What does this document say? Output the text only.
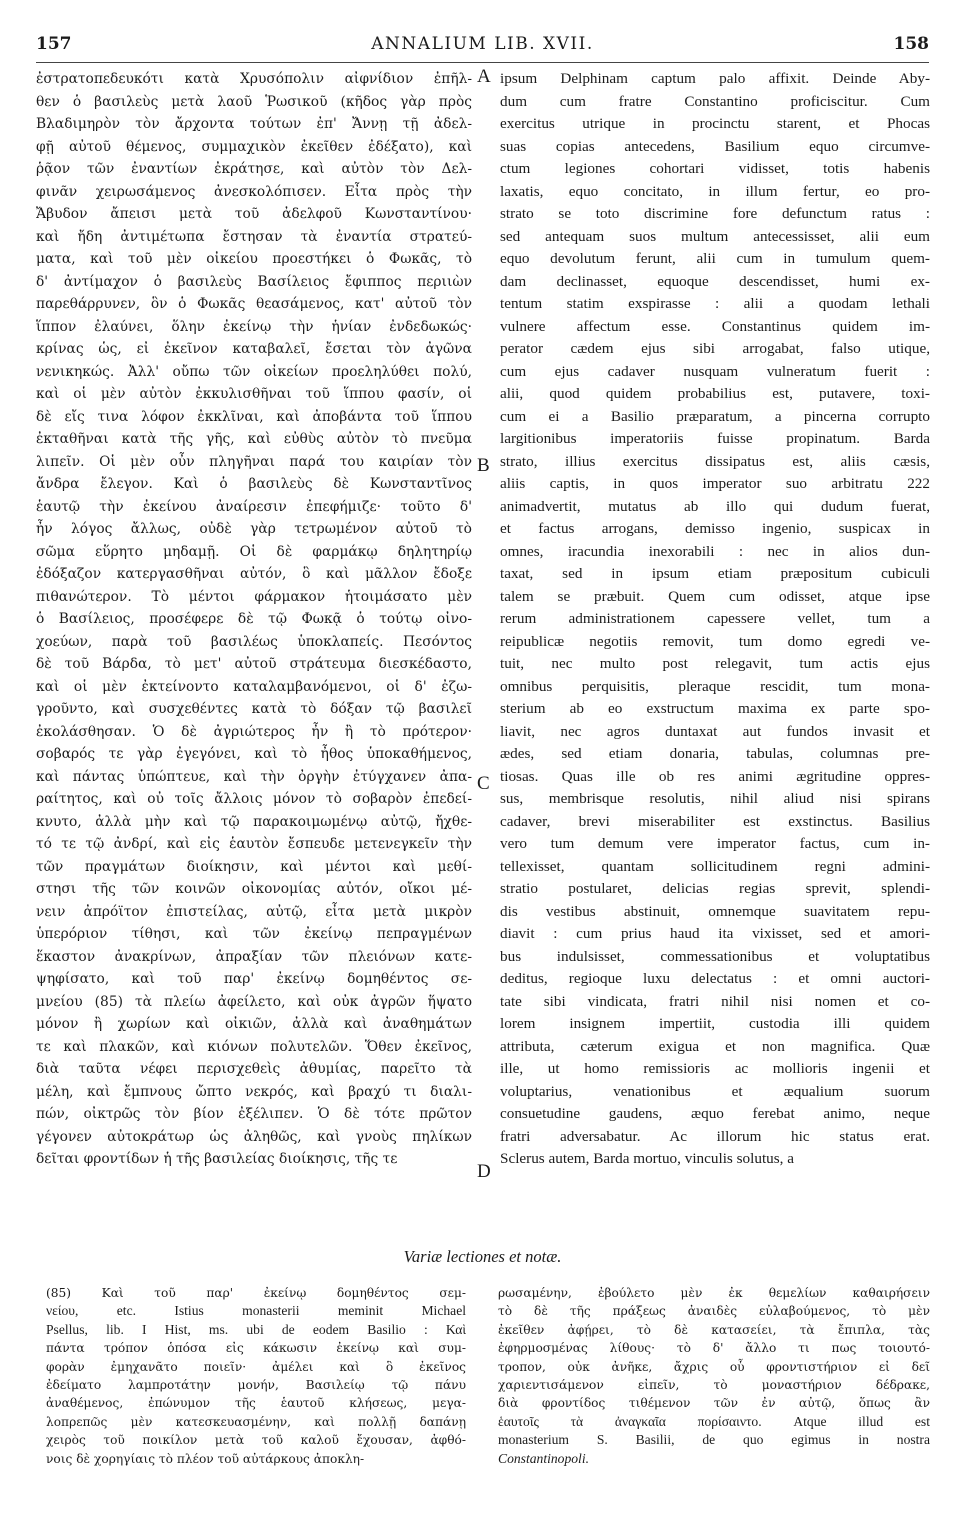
157	ANNALIUM LIB. XVII.	158
ἐστρατοπεδευκότι κατὰ Χρυσόπολιν αἰφνίδιον ἐπῆλ-
θεν ὁ βασιλεὺς μετὰ λαοῦ Ῥωσικοῦ (κῆδος γὰρ πρὸς
Βλαδιμηρὸν τὸν ἄρχοντα τούτων ἐπ' Ἄννῃ τῇ ἀδελ-
φῇ αὐτοῦ θέμενος, συμμαχικὸν ἐκεῖθεν ἐδέξατο), καὶ
ῥᾷον τῶν ἐναντίων ἐκράτησε, καὶ αὐτὸν τὸν Δελ-
φινᾶν χειρωσάμενος ἀνεσκολόπισεν. Εἶτα πρὸς τὴν
Ἄβυδον ἄπεισι μετὰ τοῦ ἀδελφοῦ Κωνσταντίνου·
καὶ ἤδη ἀντιμέτωπα ἔστησαν τὰ ἐναντία στρατεύ-
ματα, καὶ τοῦ μὲν οἰκείου προεστήκει ὁ Φωκᾶς, τὸ
δ' ἀντίμαχον ὁ βασιλεὺς Βασίλειος ἔφιππος περιιὼν
παρεθάρρυνεν, ὃν ὁ Φωκᾶς θεασάμενος, κατ' αὐτοῦ τὸν
ἵππον ἐλαύνει, ὅλην ἐκείνῳ τὴν ἡνίαν ἐνδεδωκώς·
κρίνας ὡς, εἰ ἐκεῖνον καταβαλεῖ, ἔσεται τὸν ἀγῶνα
νενικηκώς. Ἀλλ' οὔπω τῶν οἰκείων προεληλύθει πολύ,
καὶ οἱ μὲν αὐτὸν ἐκκυλισθῆναι τοῦ ἵππου φασίν, οἱ
δὲ εἴς τινα λόφον ἐκκλῖναι, καὶ ἀποβάντα τοῦ ἵππου
ἐκταθῆναι κατὰ τῆς γῆς, καὶ εὐθὺς αὐτὸν τὸ πνεῦμα
λιπεῖν. Οἱ μὲν οὖν πληγῆναι παρά του καιρίαν τὸν
ἄνδρα ἔλεγον. Καὶ ὁ βασιλεὺς δὲ Κωνσταντῖνος
ἑαυτῷ τὴν ἐκείνου ἀναίρεσιν ἐπεφήμιζε· τοῦτο δ'
ἦν λόγος ἄλλως, οὐδὲ γὰρ τετρωμένον αὐτοῦ τὸ
σῶμα εὕρητο μηδαμῇ. Οἱ δὲ φαρμάκῳ δηλητηρίῳ
ἐδόξαζον κατεργασθῆναι αὐτόν, ὃ καὶ μᾶλλον ἔδοξε
πιθανώτερον. Τὸ μέντοι φάρμακον ἡτοιμάσατο μὲν
ὁ Βασίλειος, προσέφερε δὲ τῷ Φωκᾷ ὁ τούτῳ οἰνο-
χοεύων, παρὰ τοῦ βασιλέως ὑποκλαπείς. Πεσόντος
δὲ τοῦ Βάρδα, τὸ μετ' αὐτοῦ στράτευμα διεσκέδαστο,
καὶ οἱ μὲν ἐκτείνοντο καταλαμβανόμενοι, οἱ δ' ἐζω-
γροῦντο, καὶ συσχεθέντες κατὰ τὸ δόξαν τῷ βασιλεῖ
ἐκολάσθησαν. Ὁ δὲ ἀγριώτερος ἦν ἢ τὸ πρότερον·
σοβαρός τε γὰρ ἐγεγόνει, καὶ τὸ ἦθος ὑποκαθήμενος,
καὶ πάντας ὑπώπτευε, καὶ τὴν ὀργὴν ἐτύγχανεν ἀπα-
ραίτητος, καὶ οὐ τοῖς ἄλλοις μόνον τὸ σοβαρὸν ἐπεδεί-
κνυτο, ἀλλὰ μὴν καὶ τῷ παρακοιμωμένῳ αὐτῷ, ἤχθε-
τό τε τῷ ἀνδρί, καὶ εἰς ἑαυτὸν ἔσπευδε μετενεγκεῖν τὴν
τῶν πραγμάτων διοίκησιν, καὶ μέντοι καὶ μεθί-
στησι τῆς τῶν κοινῶν οἰκονομίας αὐτόν, οἴκοι μέ-
νειν ἀπρόϊτον ἐπιστείλας, αὐτῷ, εἶτα μετὰ μικρὸν
ὑπερόριον τίθησι, καὶ τῶν ἐκείνῳ πεπραγμένων
ἕκαστον ἀνακρίνων, ἀπραξίαν τῶν πλειόνων κατε-
ψηφίσατο, καὶ τοῦ παρ' ἐκείνῳ δομηθέντος σε-
μνείου (85) τὰ πλείω ἀφείλετο, καὶ οὐκ ἀγρῶν ἥψατο
μόνον ἢ χωρίων καὶ οἰκιῶν, ἀλλὰ καὶ ἀναθημάτων
τε καὶ πλακῶν, καὶ κιόνων πολυτελῶν. Ὅθεν ἐκεῖνος,
διὰ ταῦτα νέφει περισχεθεὶς ἀθυμίας, παρεῖτο τὰ
μέλη, καὶ ἔμπνους ὤπτο νεκρός, καὶ βραχύ τι διαλι-
πών, οἰκτρῶς τὸν βίον ἐξέλιπεν. Ὁ δὲ τότε πρῶτον
γέγονεν αὐτοκράτωρ ὡς ἀληθῶς, καὶ γνοὺς πηλίκων
δεῖται φροντίδων ἡ τῆς βασιλείας διοίκησις, τῆς τε
ipsum Delphinam captum palo affixit. Deinde Aby-
dum cum fratre Constantino proficiscitur. Cum
exercitus utrique in procinctu starent, et Phocas
suas copias antecedens, Basilium equo circumve-
ctum legiones cohortari vidisset, totis habenis
laxatis, equo concitato, in illum fertur, eo pro-
strato se toto discrimine fore defunctum ratus :
sed antequam suos multum antecessisset, alii eum
equo devolutum ferunt, alii cum in tumulum quem-
dam declinasset, equoque descendisset, humi ex-
tentum statim exspirasse : alii a quodam lethali
vulnere affectum esse. Constantinus quidem im-
perator cædem ejus sibi arrogabat, falso utique,
cum ejus cadaver nusquam vulneratum fuerit :
alii, quod quidem probabilius est, putavere, toxi-
cum ei a Basilio præparatum, a pincerna corrupto
largitionibus imperatoriis fuisse propinatum. Barda
strato, illius exercitus dissipatus est, aliis cæsis,
aliis captis, in quos imperator suo arbitratu 222
animadvertit, mutatus ab illo qui dudum fuerat,
et factus arrogans, demisso ingenio, suspicax in
omnes, iracundia inexorabili : nec in alios dun-
taxat, sed in ipsum etiam præpositum cubiculi
talem se præbuit. Quem cum odisset, atque ipse
rerum administrationem capessere vellet, tum a
reipublicæ negotiis removit, tum domo egredi ve-
tuit, nec multo post relegavit, tum actis ejus
omnibus perquisitis, pleraque rescidit, tum mona-
sterium ab eo exstructum maxima ex parte spo-
liavit, nec agros duntaxat aut fundos invasit et
ædes, sed etiam donaria, tabulas, columnas pre-
tiosas. Quas ille ob res animi ægritudine oppres-
sus, membrisque resolutis, nihil aliud nisi spirans
cadaver, brevi miserabiliter est exstinctus. Basilius
vero tum demum vere imperator factus, cum in-
tellexisset, quantam sollicitudinem regni admini-
stratio postularet, delicias regias sprevit, splendi-
dis vestibus abstinuit, omnemque suavitatem repu-
diavit : cum prius haud ita vixisset, sed et amori-
bus indulsisset, commessationibus et voluptatibus
deditus, regioque luxu delectatus : et omni auctori-
tate sibi vindicata, fratri nihil nisi nomen et co-
lorem insignem impertiit, custodia illi quidem
attributa, cæterum exigua et non magnifica. Quæ
ille, ut homo remissioris ac mollioris ingenii et
voluptarius, venationibus et æqualium suorum
consuetudine gaudens, æquo ferebat animo, neque
fratri adversabatur. Ac illorum hic status erat.
Sclerus autem, Barda mortuo, vinculis solutus, a
A
B
C
D
Variæ lectiones et notæ.
(85) Καὶ τοῦ παρ' ἐκείνῳ δομηθέντος σεμ-
νείου, etc. Istius monasterii meminit Michael
Psellus, lib. I Hist, ms. ubi de eodem Basilio : Καὶ
πάντα τρόπον ὁπόσα εἰς κάκωσιν ἐκείνῳ καὶ συμ-
φορὰν ἐμηχανᾶτο ποιεῖν· ἀμέλει καὶ ὃ ἐκεῖνος
ἐδείματο λαμπροτάτην μονήν, Βασιλείῳ τῷ πάνυ
ἀναθέμενος, ἐπώνυμον τῆς ἑαυτοῦ κλήσεως, μεγα-
λοπρεπῶς μὲν κατεσκευασμένην, καὶ πολλῇ δαπάνῃ
χειρὸς τοῦ ποικίλον μετὰ τοῦ καλοῦ ἔχουσαν, ἀφθό-
νοις δὲ χορηγίαις τὸ πλέον τοῦ αὐτάρκους ἀποκλη-
ρωσαμένην, ἐβούλετο μὲν ἐκ θεμελίων καθαιρήσειν
τὸ δὲ τῆς πράξεως ἀναιδὲς εὐλαβούμενος, τὸ μὲν
ἐκεῖθεν ἀφῄρει, τὸ δὲ κατασείει, τὰ ἔπιπλα, τὰς
ἐφηρμοσμένας λίθους· τὸ δ' ἄλλο τι πως τοιουτό-
τροπον, οὐκ ἀνῆκε, ἄχρις οὗ φροντιστήριον εἰ δεῖ
χαριεντισάμενον εἰπεῖν, τὸ μοναστήριον δέδρακε,
διὰ φροντίδος τιθέμενον τῶν ἐν αὐτῷ, ὅπως ἂν
ἑαυτοῖς τὰ ἀναγκαῖα πορίσαιντο. Atque illud est
monasterium S. Basilii, de quo egimus in nostra
Constantinopoli.
